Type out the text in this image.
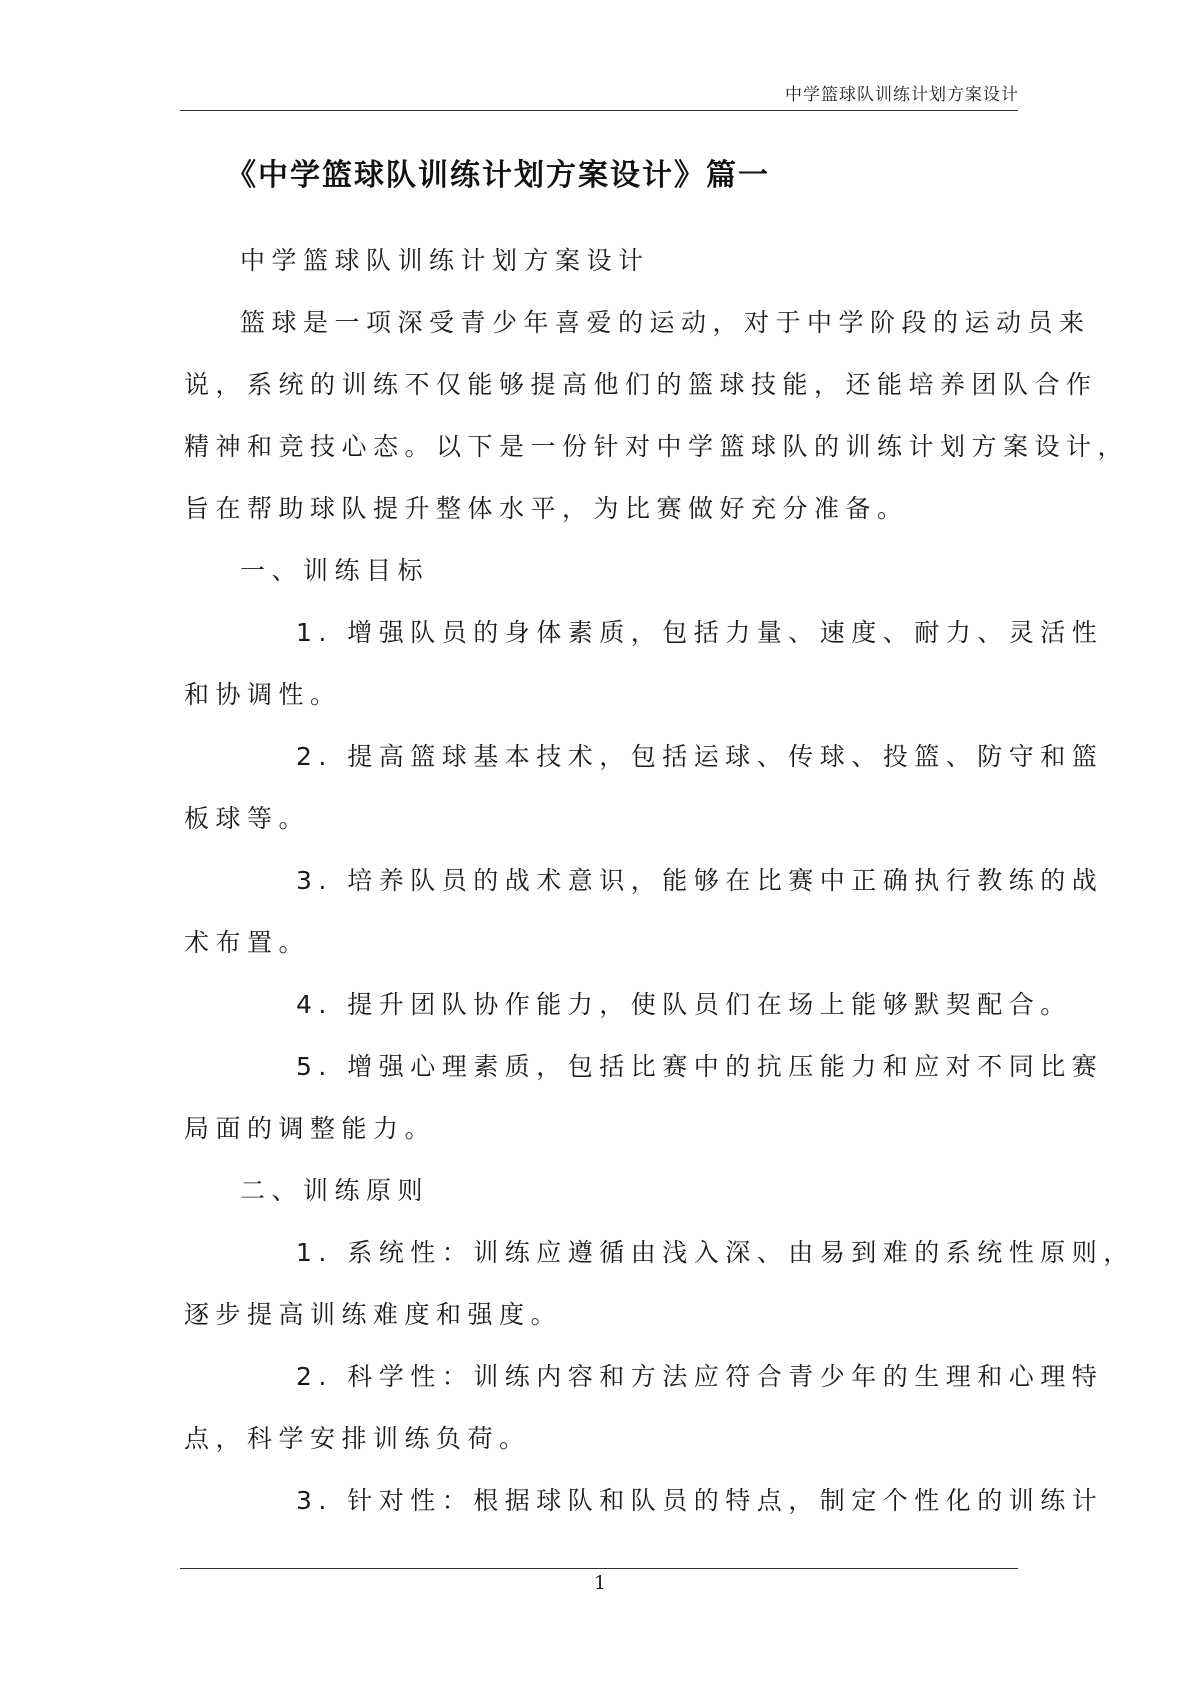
中学篮球队训练计划方案设计
《中学篮球队训练计划方案设计》篇一
中学篮球队训练计划方案设计
篮球是一项深受青少年喜爱的运动，对于中学阶段的运动员来
说，系统的训练不仅能够提高他们的篮球技能，还能培养团队合作
精神和竞技心态。以下是一份针对中学篮球队的训练计划方案设计，
旨在帮助球队提升整体水平，为比赛做好充分准备。
一、训练目标
1. 增强队员的身体素质，包括力量、速度、耐力、灵活性
和协调性。
2. 提高篮球基本技术，包括运球、传球、投篮、防守和篮
板球等。
3. 培养队员的战术意识，能够在比赛中正确执行教练的战
术布置。
4. 提升团队协作能力，使队员们在场上能够默契配合。
5. 增强心理素质，包括比赛中的抗压能力和应对不同比赛
局面的调整能力。
二、训练原则
1. 系统性：训练应遵循由浅入深、由易到难的系统性原则，
逐步提高训练难度和强度。
2. 科学性：训练内容和方法应符合青少年的生理和心理特
点，科学安排训练负荷。
3. 针对性：根据球队和队员的特点，制定个性化的训练计
1
